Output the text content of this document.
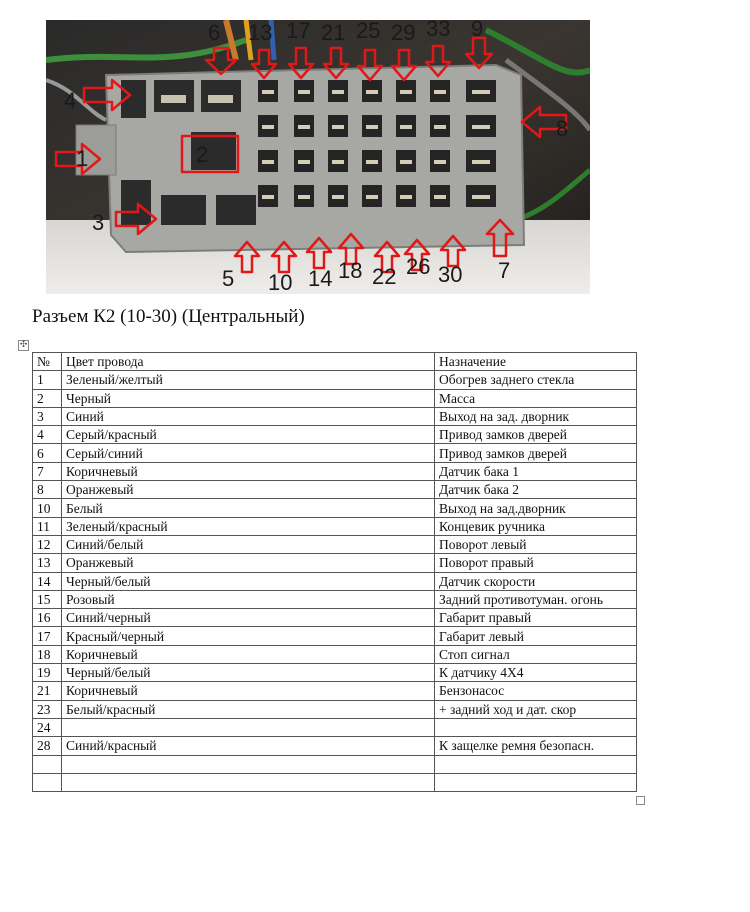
6 13 17 21 25 29 33 9
4
8
1	2
3
5 10 14 18 22 26 30 7
Разъем К2 (10-30) (Центральный)
✣
№	Цвет провода	Назначение
1	Зеленый/желтый	Обогрев заднего стекла
2	Черный	Масса
3	Синий	Выход на зад. дворник
4	Серый/красный	Привод замков дверей
6	Серый/синий	Привод замков дверей
7	Коричневый	Датчик бака 1
8	Оранжевый	Датчик бака 2
10	Белый	Выход на зад.дворник
11	Зеленый/красный	Концевик ручника
12	Синий/белый	Поворот левый
13	Оранжевый	Поворот правый
14	Черный/белый	Датчик скорости
15	Розовый	Задний противотуман. огонь
16	Синий/черный	Габарит правый
17	Красный/черный	Габарит левый
18	Коричневый	Стоп сигнал
19	Черный/белый	К датчику 4Х4
21	Коричневый	Бензонасос
23	Белый/красный	+ задний ход и дат. скор
24		
28	Синий/красный	К защелке ремня безопасн.
